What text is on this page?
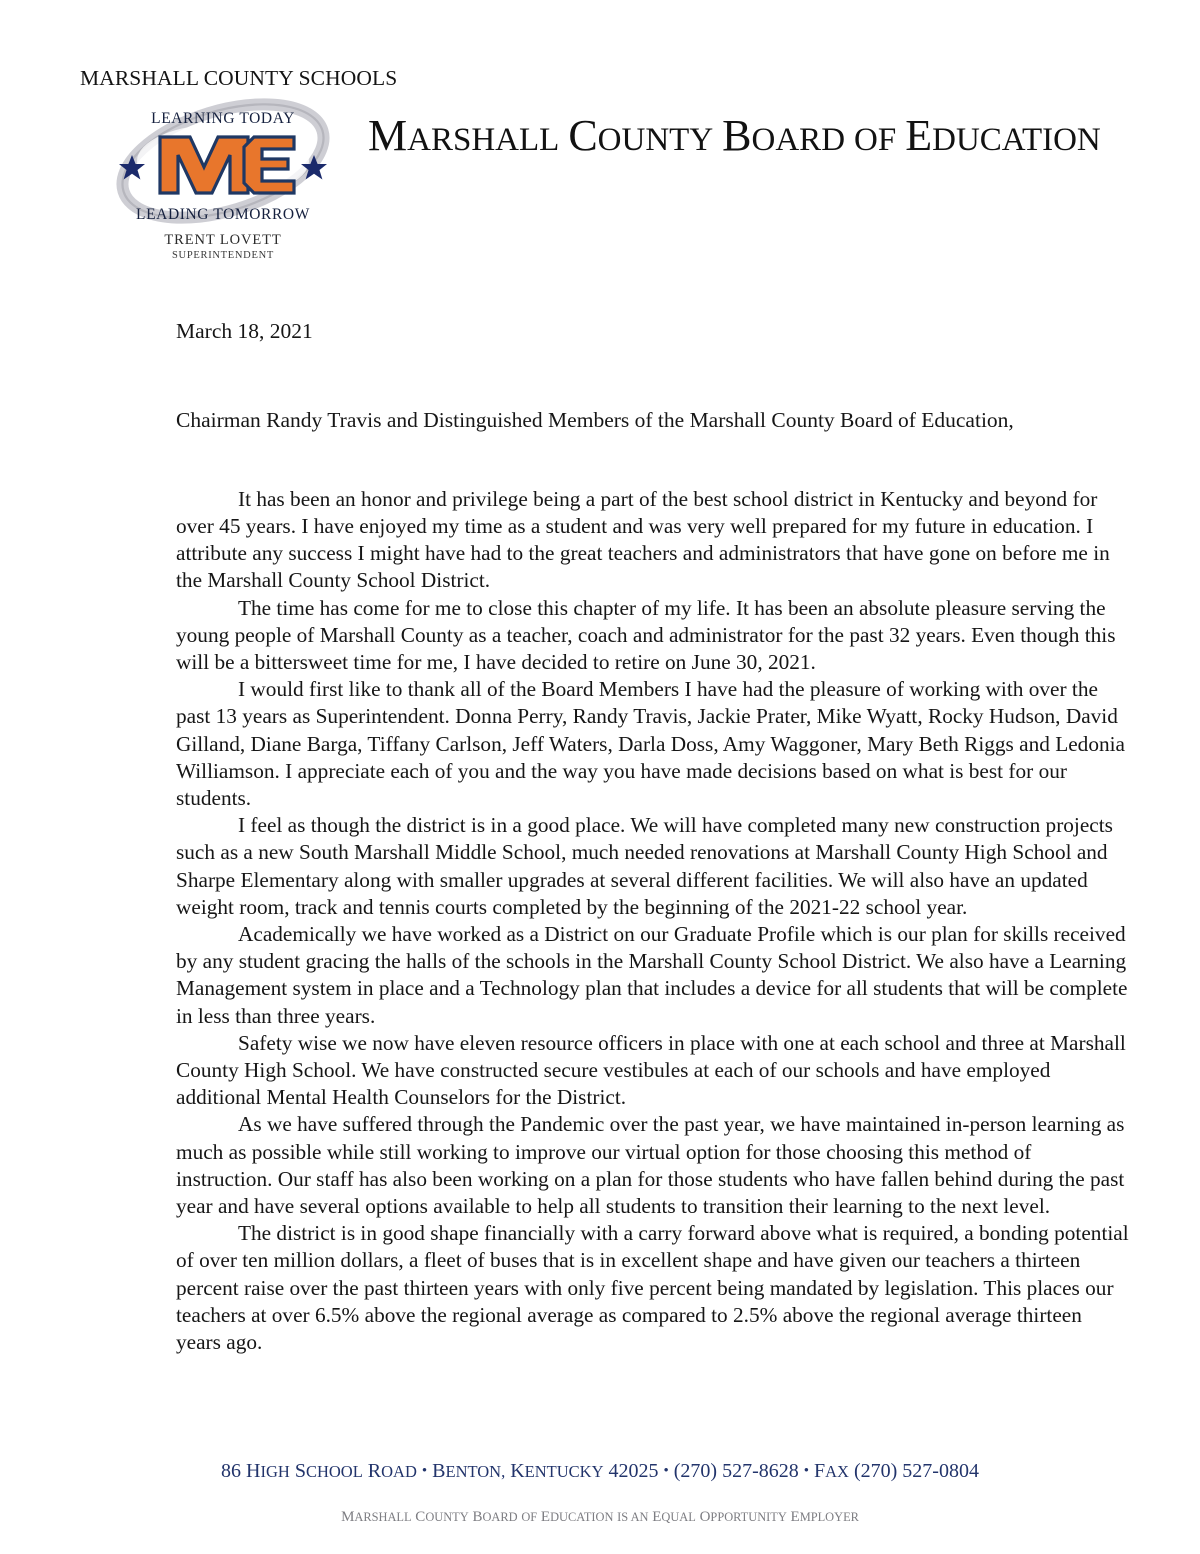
MARSHALL COUNTY SCHOOLS
LEARNING TODAY
LEADING TOMORROW
TRENT LOVETT
SUPERINTENDENT
MARSHALL COUNTY BOARD OF EDUCATION
March 18, 2021
Chairman Randy Travis and Distinguished Members of the Marshall County Board of Education,

It has been an honor and privilege being a part of the best school district in Kentucky and beyond for over 45 years. I have enjoyed my time as a student and was very well prepared for my future in education. I attribute any success I might have had to the great teachers and administrators that have gone on before me in the Marshall County School District.

The time has come for me to close this chapter of my life. It has been an absolute pleasure serving the young people of Marshall County as a teacher, coach and administrator for the past 32 years. Even though this will be a bittersweet time for me, I have decided to retire on June 30, 2021.

I would first like to thank all of the Board Members I have had the pleasure of working with over the past 13 years as Superintendent. Donna Perry, Randy Travis, Jackie Prater, Mike Wyatt, Rocky Hudson, David Gilland, Diane Barga, Tiffany Carlson, Jeff Waters, Darla Doss, Amy Waggoner, Mary Beth Riggs and Ledonia Williamson. I appreciate each of you and the way you have made decisions based on what is best for our students.

I feel as though the district is in a good place. We will have completed many new construction projects such as a new South Marshall Middle School, much needed renovations at Marshall County High School and Sharpe Elementary along with smaller upgrades at several different facilities. We will also have an updated weight room, track and tennis courts completed by the beginning of the 2021-22 school year.

Academically we have worked as a District on our Graduate Profile which is our plan for skills received by any student gracing the halls of the schools in the Marshall County School District. We also have a Learning Management system in place and a Technology plan that includes a device for all students that will be complete in less than three years.

Safety wise we now have eleven resource officers in place with one at each school and three at Marshall County High School. We have constructed secure vestibules at each of our schools and have employed additional Mental Health Counselors for the District.

As we have suffered through the Pandemic over the past year, we have maintained in-person learning as much as possible while still working to improve our virtual option for those choosing this method of instruction. Our staff has also been working on a plan for those students who have fallen behind during the past year and have several options available to help all students to transition their learning to the next level.

The district is in good shape financially with a carry forward above what is required, a bonding potential of over ten million dollars, a fleet of buses that is in excellent shape and have given our teachers a thirteen percent raise over the past thirteen years with only five percent being mandated by legislation. This places our teachers at over 6.5% above the regional average as compared to 2.5% above the regional average thirteen years ago.

86 HIGH SCHOOL ROAD • BENTON, KENTUCKY 42025 • (270) 527-8628 • FAX (270) 527-0804
MARSHALL COUNTY BOARD OF EDUCATION IS AN EQUAL OPPORTUNITY EMPLOYER
